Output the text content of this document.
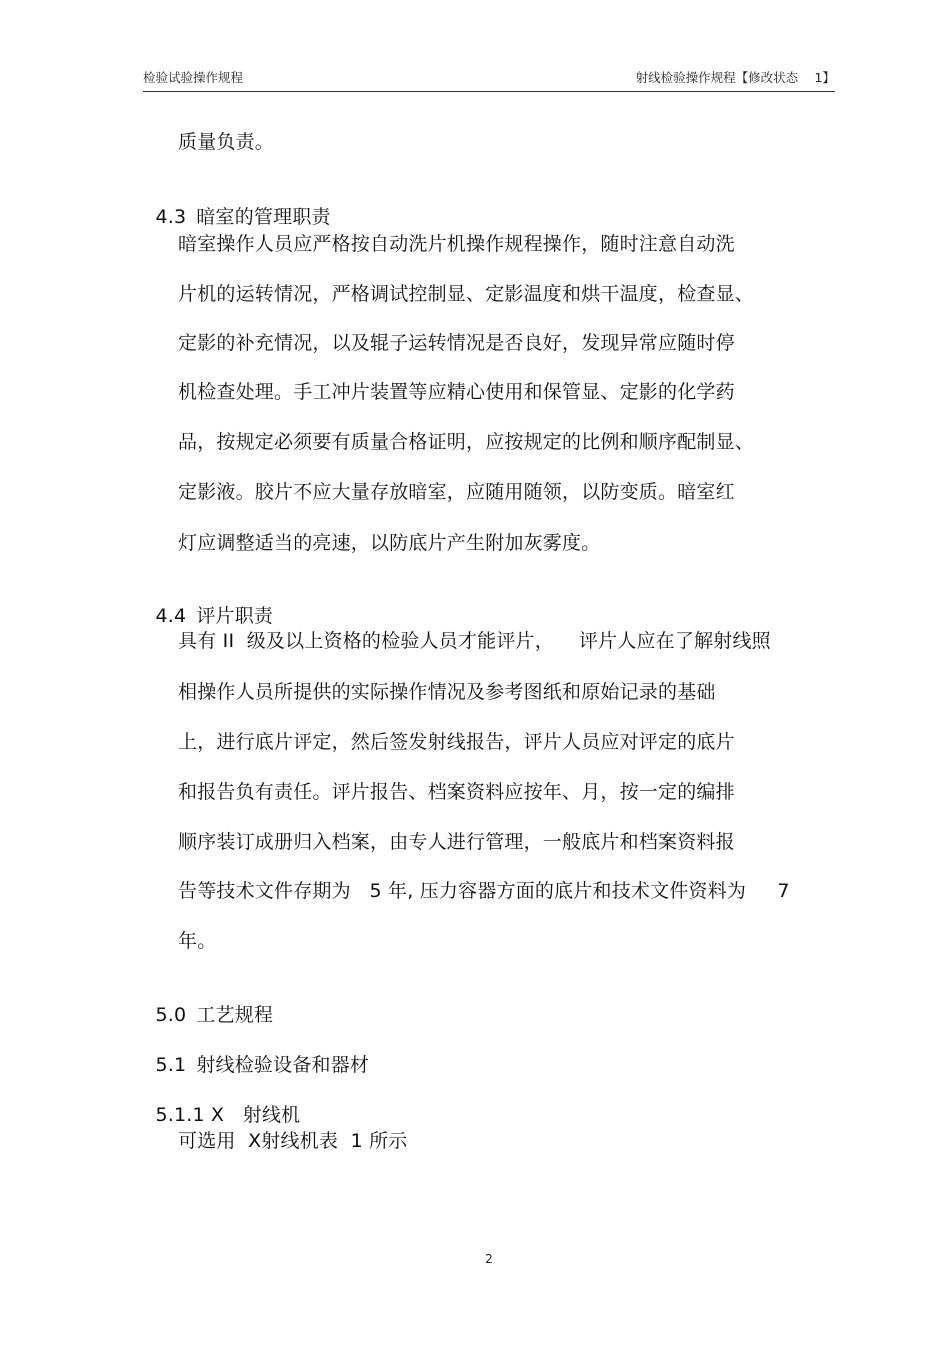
检验试验操作规程	射线检验操作规程【修改状态　 1】
质量负责。

4.3 暗室的管理职责

暗室操作人员应严格按自动洗片机操作规程操作，随时注意自动洗
片机的运转情况，严格调试控制显、定影温度和烘干温度，检查显、
定影的补充情况，以及辊子运转情况是否良好，发现异常应随时停
机检查处理。手工冲片装置等应精心使用和保管显、定影的化学药
品，按规定必须要有质量合格证明，应按规定的比例和顺序配制显、
定影液。胶片不应大量存放暗室，应随用随领，以防变质。暗室红
灯应调整适当的亮速，以防底片产生附加灰雾度。

4.4 评片职责

具有 II  级及以上资格的检验人员才能评片，    评片人应在了解射线照
相操作人员所提供的实际操作情况及参考图纸和原始记录的基础
上，进行底片评定，然后签发射线报告，评片人员应对评定的底片
和报告负有责任。评片报告、档案资料应按年、月，按一定的编排
顺序装订成册归入档案，由专人进行管理，一般底片和档案资料报
告等技术文件存期为   5 年, 压力容器方面的底片和技术文件资料为     7
年。

5.0 工艺规程

5.1 射线检验设备和器材

5.1.1 X   射线机

可选用  X射线机表  1 所示
2
